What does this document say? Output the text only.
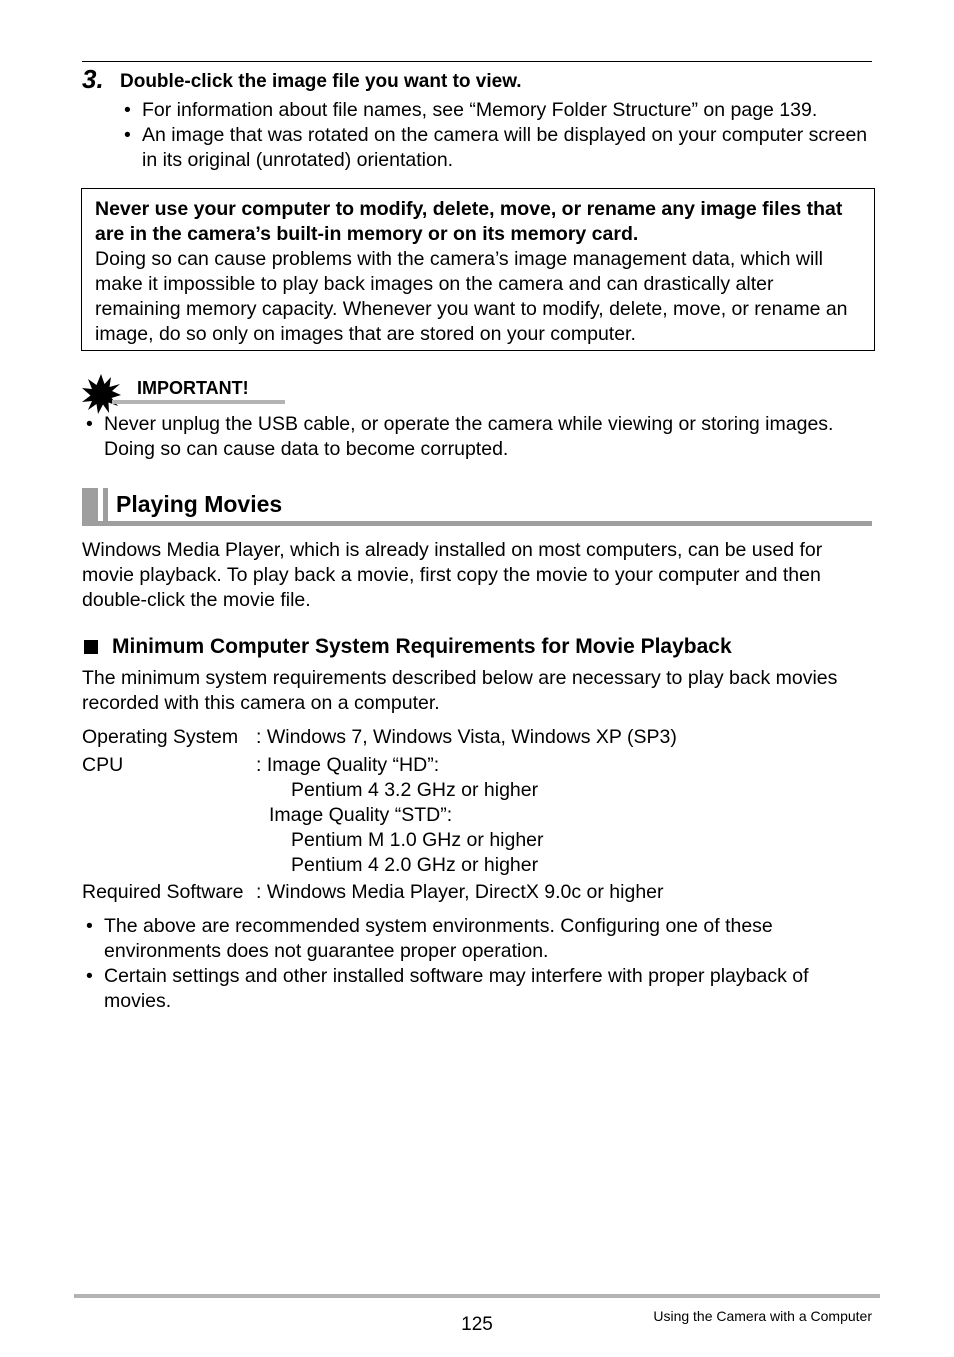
3. Double-click the image file you want to view.
• For information about file names, see “Memory Folder Structure” on page 139.
• An image that was rotated on the camera will be displayed on your computer screen in its original (unrotated) orientation.
Never use your computer to modify, delete, move, or rename any image files that are in the camera’s built-in memory or on its memory card.
Doing so can cause problems with the camera’s image management data, which will make it impossible to play back images on the camera and can drastically alter remaining memory capacity. Whenever you want to modify, delete, move, or rename an image, do so only on images that are stored on your computer.
IMPORTANT!
• Never unplug the USB cable, or operate the camera while viewing or storing images. Doing so can cause data to become corrupted.
Playing Movies
Windows Media Player, which is already installed on most computers, can be used for movie playback. To play back a movie, first copy the movie to your computer and then double-click the movie file.
Minimum Computer System Requirements for Movie Playback
The minimum system requirements described below are necessary to play back movies recorded with this camera on a computer.
Operating System : Windows 7, Windows Vista, Windows XP (SP3)
CPU	: Image Quality “HD”:
Pentium 4 3.2 GHz or higher
Image Quality “STD”:
Pentium M 1.0 GHz or higher
Pentium 4 2.0 GHz or higher
Required Software : Windows Media Player, DirectX 9.0c or higher
• The above are recommended system environments. Configuring one of these environments does not guarantee proper operation.
• Certain settings and other installed software may interfere with proper playback of movies.
125	Using the Camera with a Computer
